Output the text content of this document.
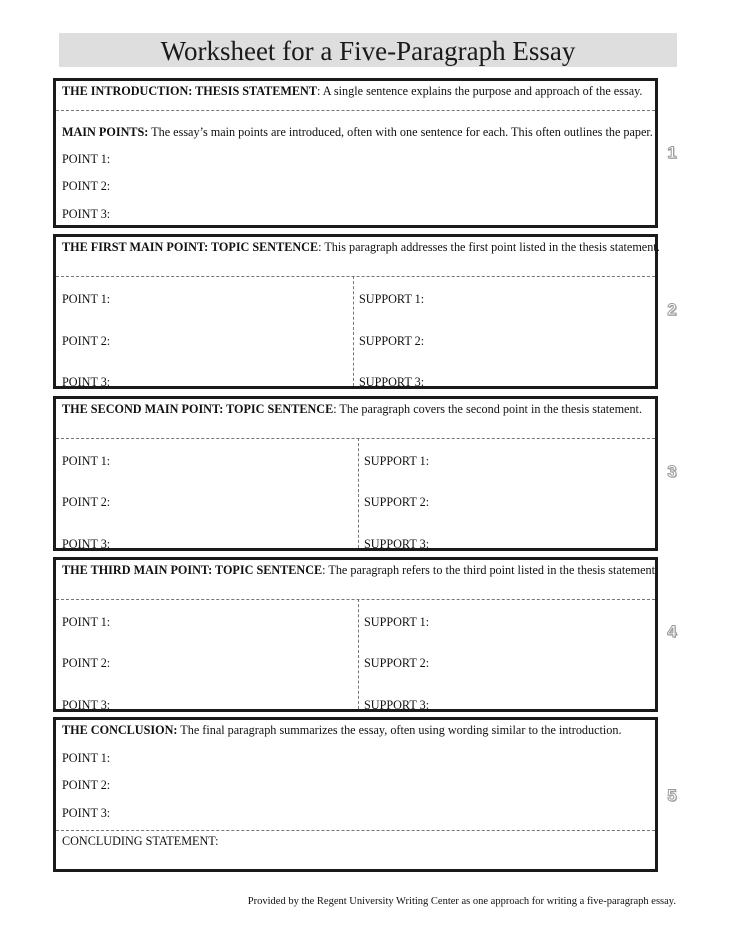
Worksheet for a Five-Paragraph Essay
THE INTRODUCTION: THESIS STATEMENT: A single sentence explains the purpose and approach of the essay.
MAIN POINTS: The essay’s main points are introduced, often with one sentence for each. This often outlines the paper.
POINT 1:
POINT 2:
POINT 3:
1
THE FIRST MAIN POINT: TOPIC SENTENCE: This paragraph addresses the first point listed in the thesis statement.
POINT 1:
POINT 2:
POINT 3:
SUPPORT 1:
SUPPORT 2:
SUPPORT 3:
2
THE SECOND MAIN POINT: TOPIC SENTENCE: The paragraph covers the second point in the thesis statement.
POINT 1:
POINT 2:
POINT 3:
SUPPORT 1:
SUPPORT 2:
SUPPORT 3:
3
THE THIRD MAIN POINT: TOPIC SENTENCE: The paragraph refers to the third point listed in the thesis statement.
POINT 1:
POINT 2:
POINT 3:
SUPPORT 1:
SUPPORT 2:
SUPPORT 3:
4
THE CONCLUSION: The final paragraph summarizes the essay, often using wording similar to the introduction.
POINT 1:
POINT 2:
POINT 3:
CONCLUDING STATEMENT:
5
Provided by the Regent University Writing Center as one approach for writing a five-paragraph essay.
